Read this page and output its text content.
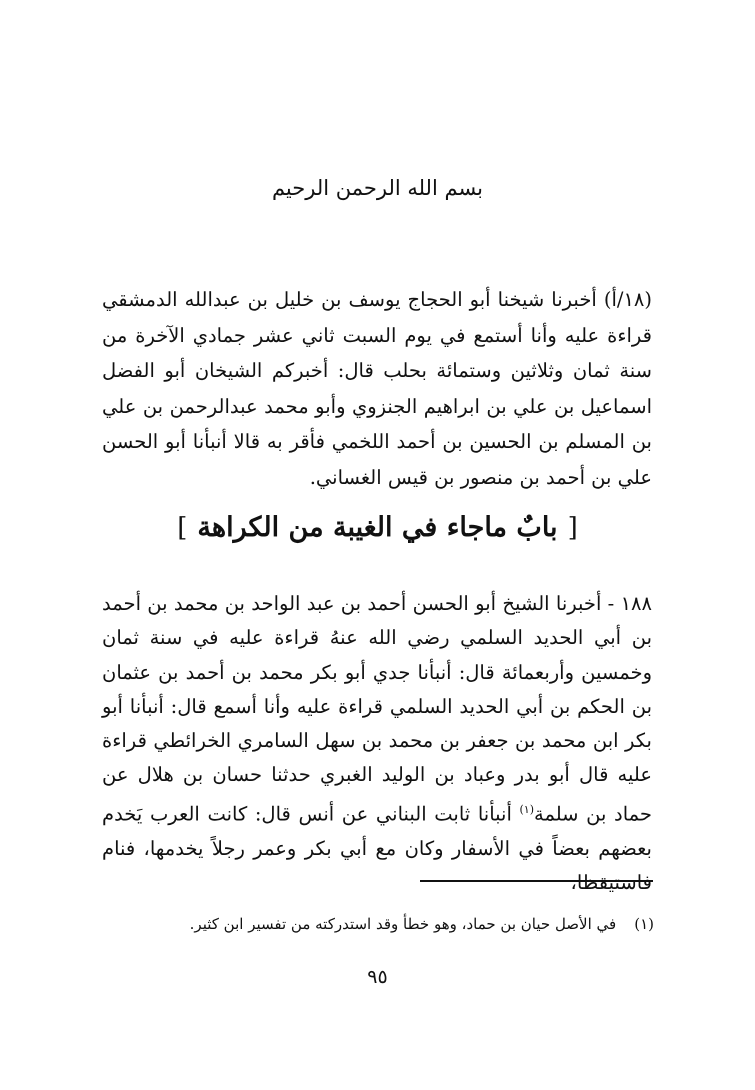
بسم الله الرحمن الرحيم

(١٨/أ) أخبرنا شيخنا أبو الحجاج يوسف بن خليل بن عبدالله الدمشقي قراءة عليه وأنا أستمع في يوم السبت ثاني عشر جمادي الآخرة من سنة ثمان وثلاثين وستمائة بحلب قال: أخبركم الشيخان أبو الفضل اسماعيل بن علي بن ابراهيم الجنزوي وأبو محمد عبدالرحمن بن علي بن المسلم بن الحسين بن أحمد اللخمي فأقر به قالا أنبأنا أبو الحسن علي بن أحمد بن منصور بن قيس الغساني.

[بابٌ ماجاء في الغيبة من الكراهة]

١٨٨ - أخبرنا الشيخ أبو الحسن أحمد بن عبد الواحد بن محمد بن أحمد بن أبي الحديد السلمي رضي الله عنهُ قراءة عليه في سنة ثمان وخمسين وأربعمائة قال: أنبأنا جدي أبو بكر محمد بن أحمد بن عثمان بن الحكم بن أبي الحديد السلمي قراءة عليه وأنا أسمع قال: أنبأنا أبو بكر ابن محمد بن جعفر بن محمد بن سهل السامري الخرائطي قراءة عليه قال أبو بدر وعباد بن الوليد الغبري حدثنا حسان بن هلال عن حماد بن سلمة$^{(١)}$ أنبأنا ثابت البناني عن أنس قال: كانت العرب يَخدم بعضهم بعضاً في الأسفار وكان مع أبي بكر وعمر رجلاً يخدمها، فنام فاستيقظا،

(١)في الأصل حيان بن حماد، وهو خطأ وقد استدركته من تفسير ابن كثير.
٩٥
